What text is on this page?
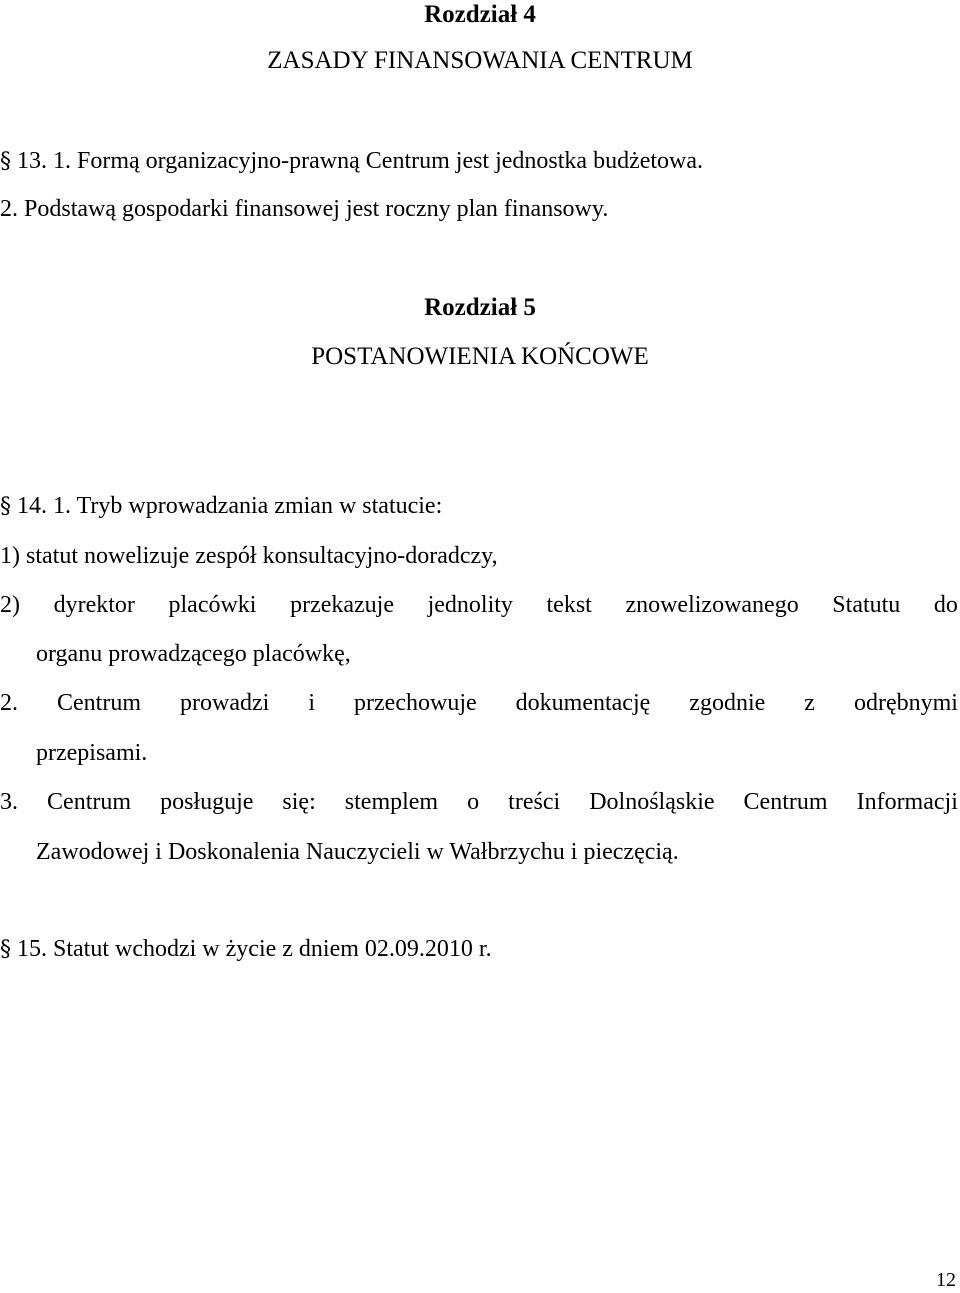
Rozdział 4
ZASADY FINANSOWANIA CENTRUM
§ 13. 1. Formą organizacyjno-prawną Centrum jest jednostka budżetowa.
2. Podstawą gospodarki finansowej jest roczny plan finansowy.
Rozdział 5
POSTANOWIENIA KOŃCOWE
§ 14. 1. Tryb wprowadzania zmian w statucie:
1) statut nowelizuje zespół konsultacyjno-doradczy,
2) dyrektor placówki przekazuje jednolity tekst znowelizowanego Statutu do
organu prowadzącego placówkę,
2. Centrum prowadzi i przechowuje dokumentację zgodnie z odrębnymi
przepisami.
3. Centrum posługuje się: stemplem o treści Dolnośląskie Centrum Informacji
Zawodowej i Doskonalenia Nauczycieli w Wałbrzychu i pieczęcią.
§ 15. Statut wchodzi w życie z dniem 02.09.2010 r.
12
